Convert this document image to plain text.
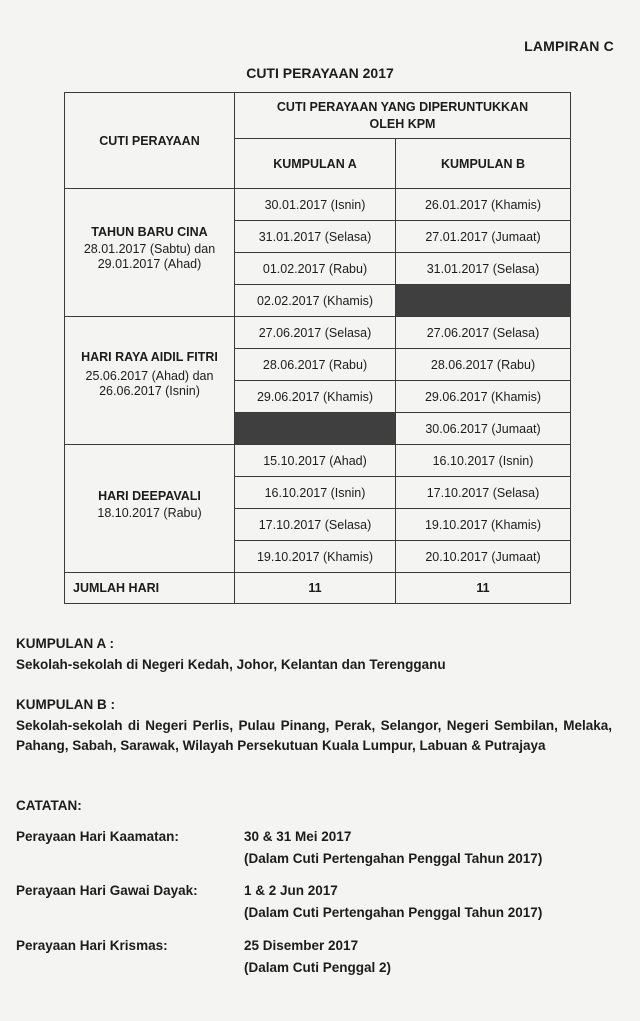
LAMPIRAN C
CUTI PERAYAAN 2017
CUTI PERAYAAN	CUTI PERAYAAN YANG DIPERUNTUKKAN OLEH KPM	
	KUMPULAN A	KUMPULAN B

TAHUN BARU CINA
28.01.2017 (Sabtu) dan 29.01.2017 (Ahad)	30.01.2017 (Isnin)	26.01.2017 (Khamis)
	31.01.2017 (Selasa)	27.01.2017 (Jumaat)
	01.02.2017 (Rabu)	31.01.2017 (Selasa)
	02.02.2017 (Khamis)	

HARI RAYA AIDIL FITRI
25.06.2017 (Ahad) dan 26.06.2017 (Isnin)	27.06.2017 (Selasa)	27.06.2017 (Selasa)
	28.06.2017 (Rabu)	28.06.2017 (Rabu)
	29.06.2017 (Khamis)	29.06.2017 (Khamis)
		30.06.2017 (Jumaat)

HARI DEEPAVALI
18.10.2017 (Rabu)	15.10.2017 (Ahad)	16.10.2017 (Isnin)
	16.10.2017 (Isnin)	17.10.2017 (Selasa)
	17.10.2017 (Selasa)	19.10.2017 (Khamis)
	19.10.2017 (Khamis)	20.10.2017 (Jumaat)
JUMLAH HARI	11	11
KUMPULAN A :
Sekolah-sekolah di Negeri Kedah, Johor, Kelantan dan Terengganu
KUMPULAN B :
Sekolah-sekolah di Negeri Perlis, Pulau Pinang, Perak, Selangor, Negeri Sembilan, Melaka, Pahang, Sabah, Sarawak, Wilayah Persekutuan Kuala Lumpur, Labuan & Putrajaya
CATATAN:
Perayaan Hari Kaamatan:	30 & 31 Mei 2017
(Dalam Cuti Pertengahan Penggal Tahun 2017)
Perayaan Hari Gawai Dayak:	1 & 2 Jun 2017
(Dalam Cuti Pertengahan Penggal Tahun 2017)
Perayaan Hari Krismas:	25 Disember 2017
(Dalam Cuti Penggal 2)
